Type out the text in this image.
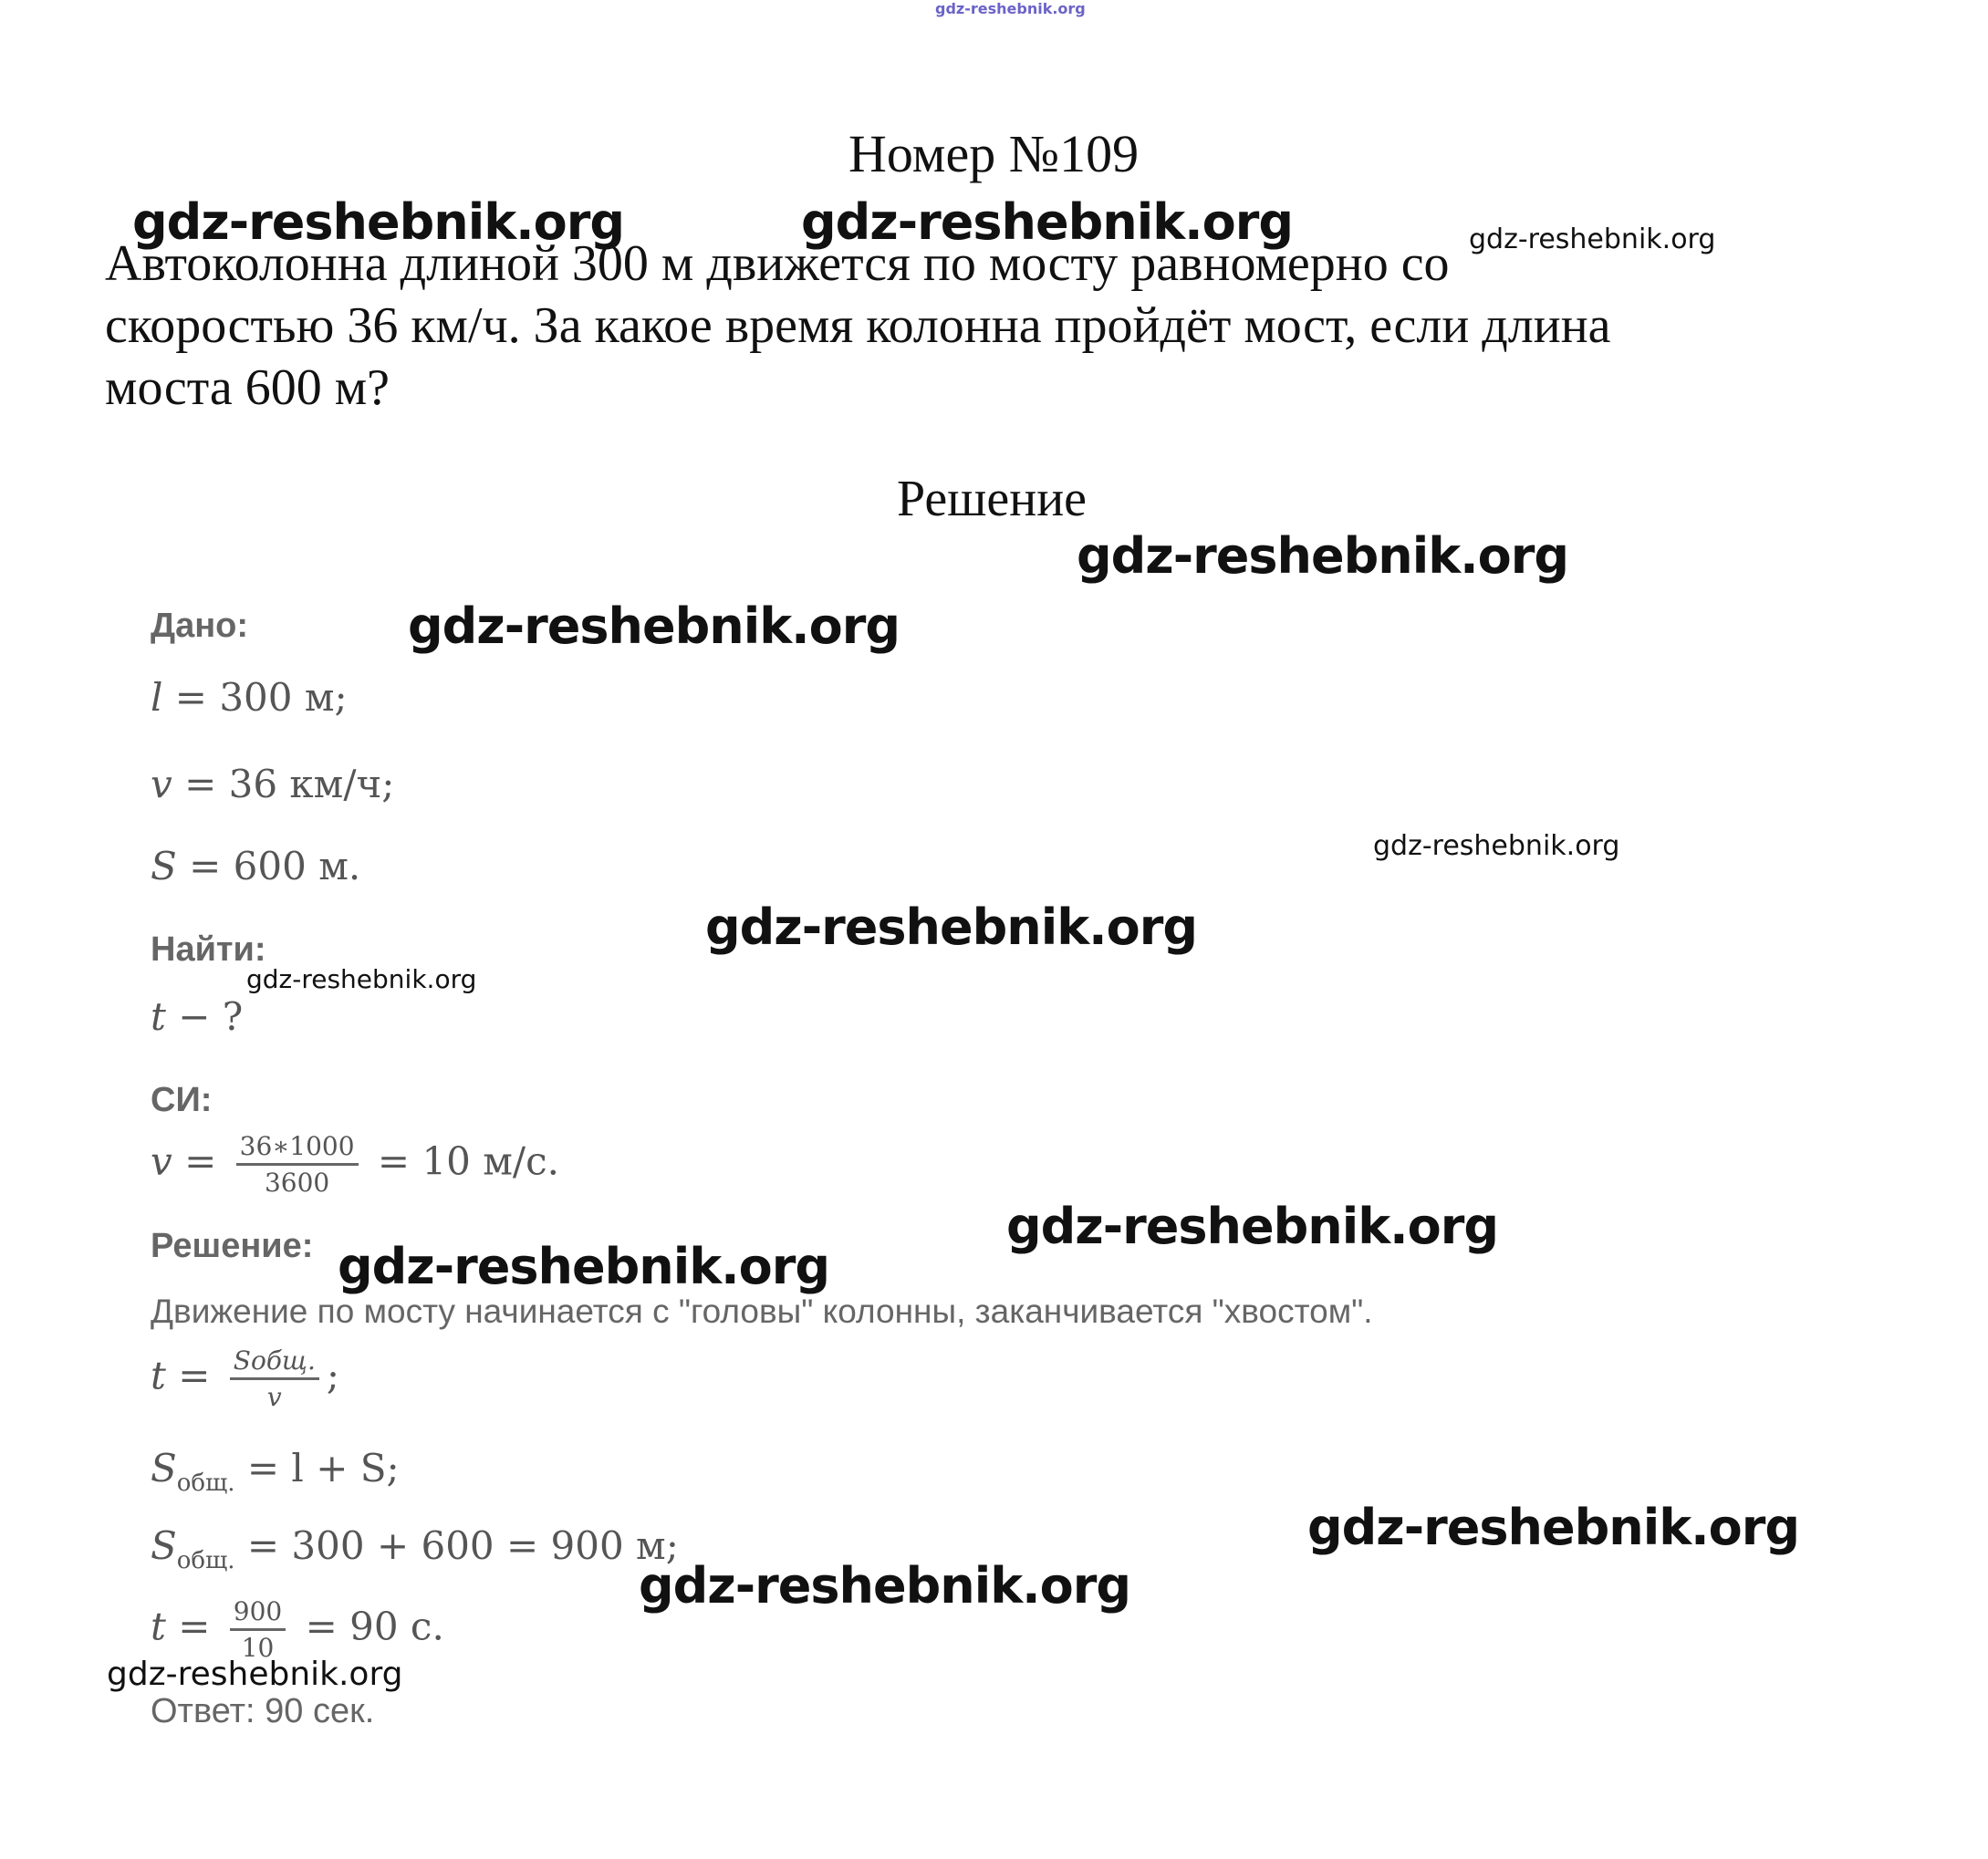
gdz-reshebnik.org
gdz-reshebnik.org	gdz-reshebnik.org	gdz-reshebnik.org
gdz-reshebnik.org
gdz-reshebnik.org
gdz-reshebnik.org
gdz-reshebnik.org
gdz-reshebnik.org
gdz-reshebnik.org
gdz-reshebnik.org
gdz-reshebnik.org
gdz-reshebnik.org
gdz-reshebnik.org
Номер №109
Автоколонна длиной 300 м движется по мосту равномерно со
скоростью 36 км/ч. За какое время колонна пройдёт мост, если длина
моста 600 м?
Решение
Дано:
l = 300 м;
v = 36 км/ч;
S = 600 м.
Найти:
t − ?
СИ:
$v = \frac{36∗1000}{3600} = 10$ м/с.
Решение:
Движение по мосту начинается с "головы" колонны, заканчивается "хвостом".
$t = \frac{\text{Sобщ.}}{v}$ ;
$S_{общ.} = l + S$;
$S_{общ.} = 300 + 600 = 900$ м;
$t = \frac{900}{10} = 90$ с.
Ответ: 90 сек.
